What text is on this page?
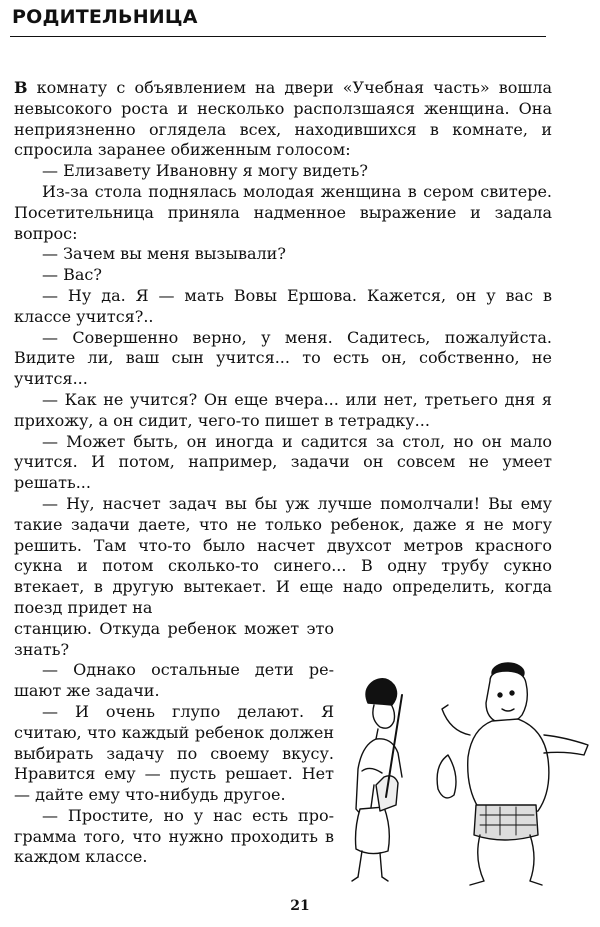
РОДИТЕЛЬНИЦА

В комнату с объявлением на двери «Учебная часть» вошла невысокого роста и несколько расползшаяся женщина. Она неприязненно оглядела всех, находившихся в комнате, и спросила заранее обиженным голосом:

— Елизавету Ивановну я могу видеть?

Из-за стола поднялась молодая женщина в сером свитере. Посетительница приняла надменное выражение и задала вопрос:

— Зачем вы меня вызывали?

— Вас?

— Ну да. Я — мать Вовы Ершова. Кажется, он у вас в классе учится?..

— Совершенно верно, у меня. Садитесь, пожалуйста. Видите ли, ваш сын учится... то есть он, собственно, не учится...

— Как не учится? Он еще вчера... или нет, третьего дня я прихожу, а он сидит, чего-то пишет в тетрадку...

— Может быть, он иногда и садится за стол, но он мало учится. И потом, например, задачи он совсем не умеет решать...

— Ну, насчет задач вы бы уж лучше помолчали! Вы ему такие задачи даете, что не только ребенок, даже я не могу решить. Там что-то было насчет двухсот метров красного сукна и потом сколько-то синего... В одну трубу сукно втекает, в другую вытекает. И еще надо определить, когда поезд придет на

станцию. Откуда ребенок может это знать?

— Однако остальные дети решают же задачи.

— И очень глупо делают. Я считаю, что каждый ребенок должен выбирать задачу по своему вкусу. Нравится ему — пусть решает. Нет — дайте ему что-нибудь другое.

— Простите, но у нас есть программа того, что нужно проходить в каждом классе.

21
